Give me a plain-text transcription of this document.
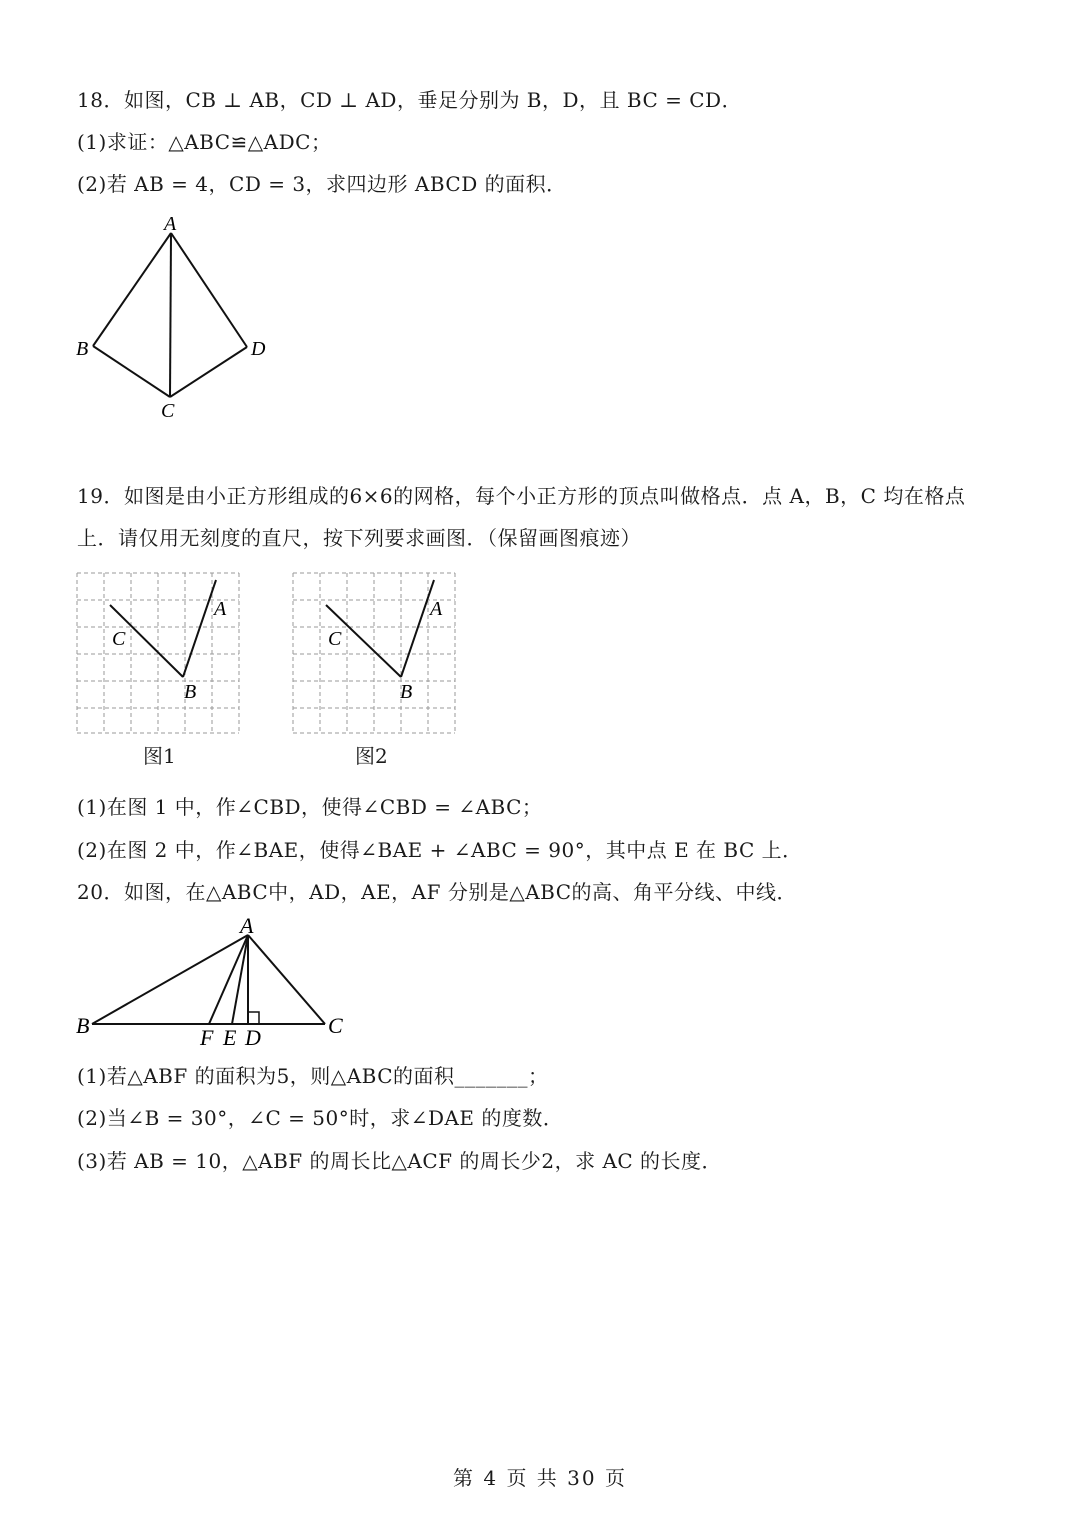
18．如图，CB ⊥ AB，CD ⊥ AD，垂足分别为 B，D，且 BC = CD．
(1)求证：△ABC≌△ADC；
(2)若 AB = 4，CD = 3，求四边形 ABCD 的面积．
A
B
C
D
19．如图是由小正方形组成的6×6的网格，每个小正方形的顶点叫做格点．点 A，B，C 均在格点
上．请仅用无刻度的直尺，按下列要求画图．（保留画图痕迹）
A
C
B
图1
A
C
B
图2
(1)在图 1 中，作∠CBD，使得∠CBD = ∠ABC；
(2)在图 2 中，作∠BAE，使得∠BAE + ∠ABC = 90°，其中点 E 在 BC 上．
20．如图，在△ABC中，AD，AE，AF 分别是△ABC的高、角平分线、中线．
A
B	C
F E D
(1)若△ABF 的面积为5，则△ABC的面积_______；
(2)当∠B = 30°，∠C = 50°时，求∠DAE 的度数．
(3)若 AB = 10，△ABF 的周长比△ACF 的周长少2，求 AC 的长度．
第 4 页 共 30 页
